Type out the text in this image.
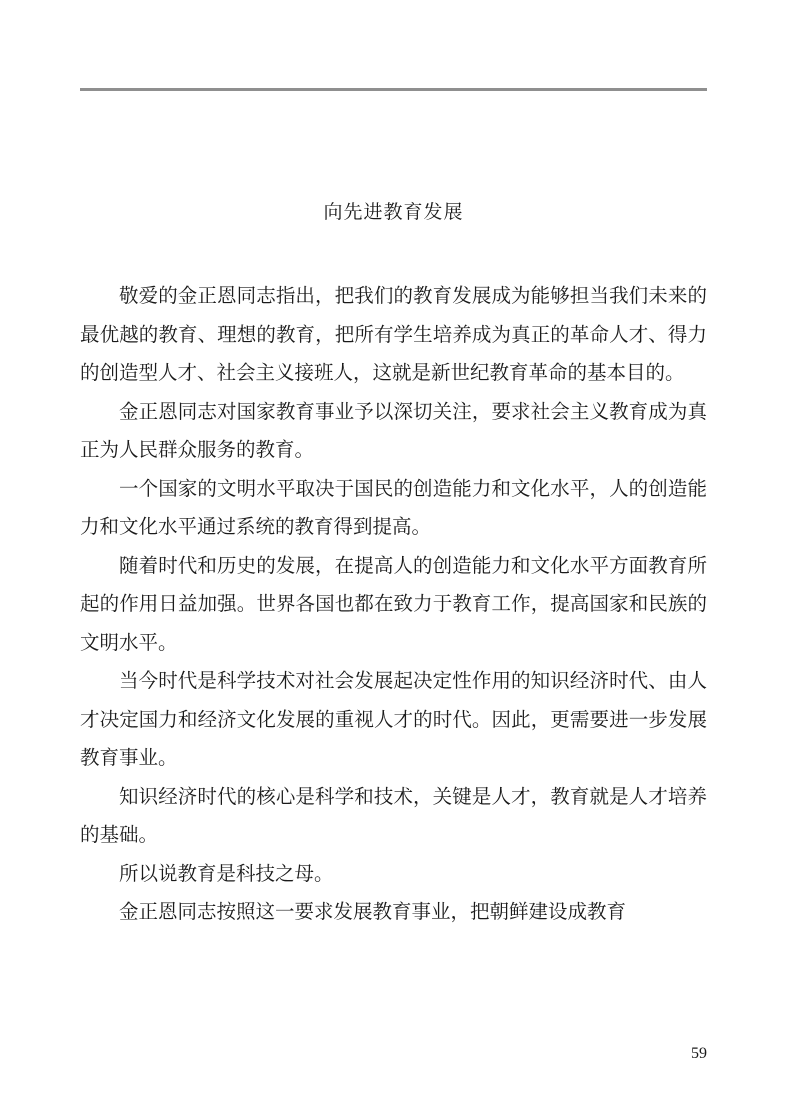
向先进教育发展

敬爱的金正恩同志指出，把我们的教育发展成为能够担当我们未来的最优越的教育、理想的教育，把所有学生培养成为真正的革命人才、得力的创造型人才、社会主义接班人，这就是新世纪教育革命的基本目的。

金正恩同志对国家教育事业予以深切关注，要求社会主义教育成为真正为人民群众服务的教育。

一个国家的文明水平取决于国民的创造能力和文化水平，人的创造能力和文化水平通过系统的教育得到提高。

随着时代和历史的发展，在提高人的创造能力和文化水平方面教育所起的作用日益加强。世界各国也都在致力于教育工作，提高国家和民族的文明水平。

当今时代是科学技术对社会发展起决定性作用的知识经济时代、由人才决定国力和经济文化发展的重视人才的时代。因此，更需要进一步发展教育事业。

知识经济时代的核心是科学和技术，关键是人才，教育就是人才培养的基础。

所以说教育是科技之母。

金正恩同志按照这一要求发展教育事业，把朝鲜建设成教育

59
